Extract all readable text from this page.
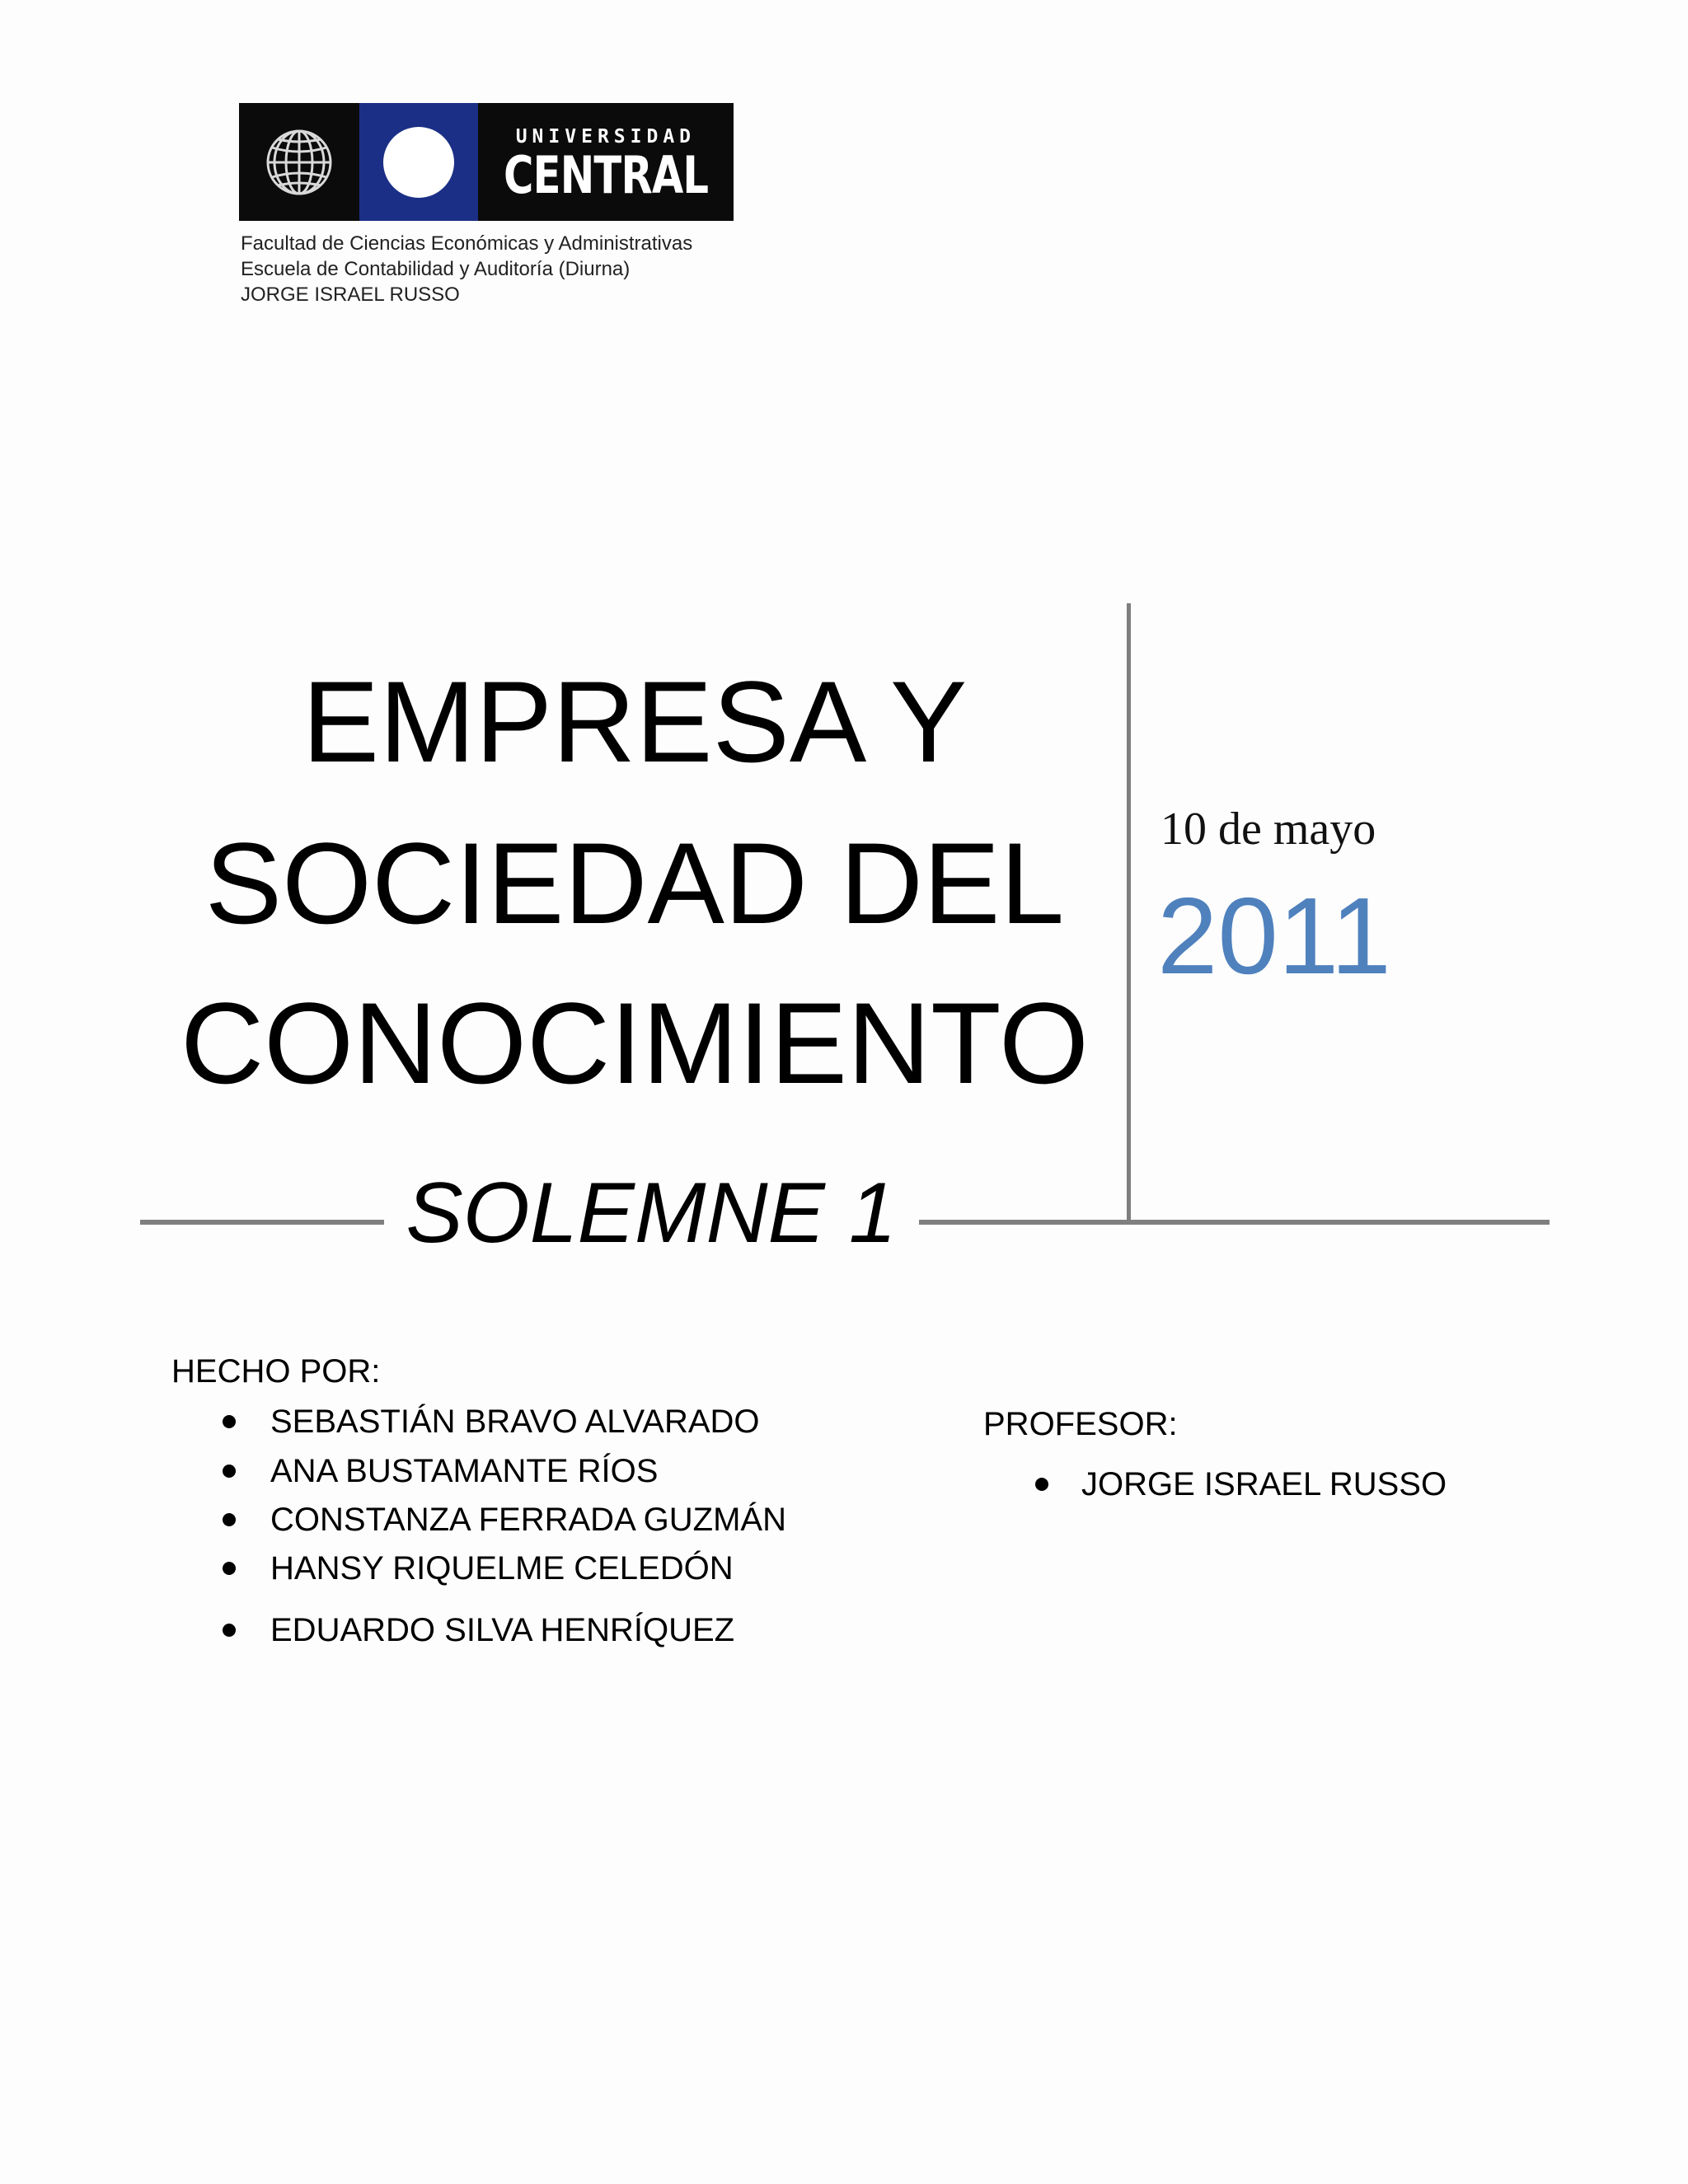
UNIVERSIDAD
CENTRAL
Facultad de Ciencias Económicas y Administrativas
Escuela de Contabilidad y Auditoría (Diurna)
JORGE ISRAEL RUSSO
EMPRESA Y
SOCIEDAD DEL
CONOCIMIENTO
SOLEMNE 1
10 de mayo
2011
HECHO POR:
SEBASTIÁN BRAVO ALVARADO
ANA BUSTAMANTE RÍOS
CONSTANZA FERRADA GUZMÁN
HANSY RIQUELME CELEDÓN
EDUARDO SILVA HENRÍQUEZ
PROFESOR:
JORGE ISRAEL RUSSO
